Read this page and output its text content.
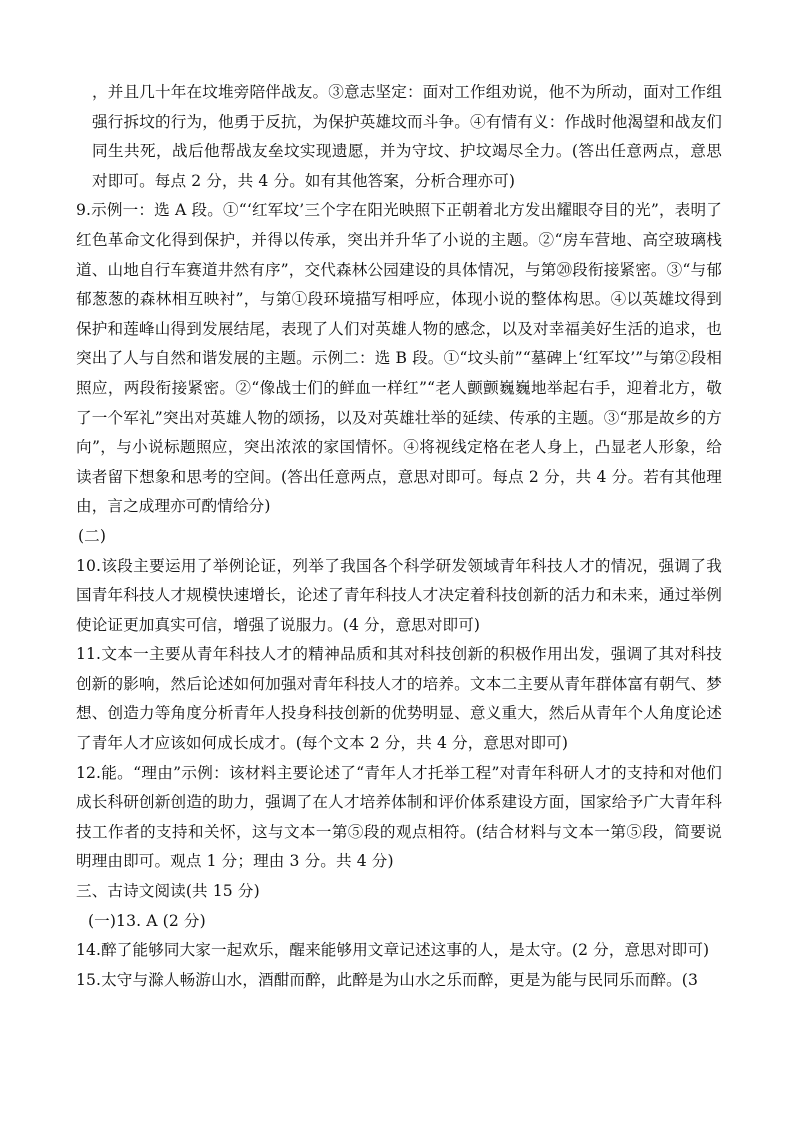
，并且几十年在坟堆旁陪伴战友。③意志坚定：面对工作组劝说，他不为所动，面对工作组强行拆坟的行为，他勇于反抗，为保护英雄坟而斗争。④有情有义：作战时他渴望和战友们同生共死，战后他帮战友垒坟实现遗愿，并为守坟、护坟竭尽全力。(答出任意两点，意思对即可。每点 2 分，共 4 分。如有其他答案，分析合理亦可)

9.示例一：选 A 段。①“‘红军坟’三个字在阳光映照下正朝着北方发出耀眼夺目的光”，表明了红色革命文化得到保护，并得以传承，突出并升华了小说的主题。②“房车营地、高空玻璃栈道、山地自行车赛道井然有序”，交代森林公园建设的具体情况，与第⑳段衔接紧密。③“与郁郁葱葱的森林相互映衬”，与第①段环境描写相呼应，体现小说的整体构思。④以英雄坟得到保护和莲峰山得到发展结尾，表现了人们对英雄人物的感念，以及对幸福美好生活的追求，也突出了人与自然和谐发展的主题。示例二：选 B 段。①“坟头前”“墓碑上‘红军坟’”与第②段相照应，两段衔接紧密。②“像战士们的鲜血一样红”“老人颤颤巍巍地举起右手，迎着北方，敬了一个军礼”突出对英雄人物的颂扬，以及对英雄壮举的延续、传承的主题。③“那是故乡的方向”，与小说标题照应，突出浓浓的家国情怀。④将视线定格在老人身上，凸显老人形象，给读者留下想象和思考的空间。(答出任意两点，意思对即可。每点 2 分，共 4 分。若有其他理由，言之成理亦可酌情给分)

(二)

10.该段主要运用了举例论证，列举了我国各个科学研发领域青年科技人才的情况，强调了我国青年科技人才规模快速增长，论述了青年科技人才决定着科技创新的活力和未来，通过举例使论证更加真实可信，增强了说服力。(4 分，意思对即可)

11.文本一主要从青年科技人才的精神品质和其对科技创新的积极作用出发，强调了其对科技创新的影响，然后论述如何加强对青年科技人才的培养。文本二主要从青年群体富有朝气、梦想、创造力等角度分析青年人投身科技创新的优势明显、意义重大，然后从青年个人角度论述了青年人才应该如何成长成才。(每个文本 2 分，共 4 分，意思对即可)

12.能。“理由”示例：该材料主要论述了“青年人才托举工程”对青年科研人才的支持和对他们成长科研创新创造的助力，强调了在人才培养体制和评价体系建设方面，国家给予广大青年科技工作者的支持和关怀，这与文本一第⑤段的观点相符。(结合材料与文本一第⑤段，简要说明理由即可。观点 1 分；理由 3 分。共 4 分)

三、古诗文阅读(共 15 分)

(一)13. A (2 分)

14.醉了能够同大家一起欢乐，醒来能够用文章记述这事的人，是太守。(2 分，意思对即可)

15.太守与滁人畅游山水，酒酣而醉，此醉是为山水之乐而醉，更是为能与民同乐而醉。(3
